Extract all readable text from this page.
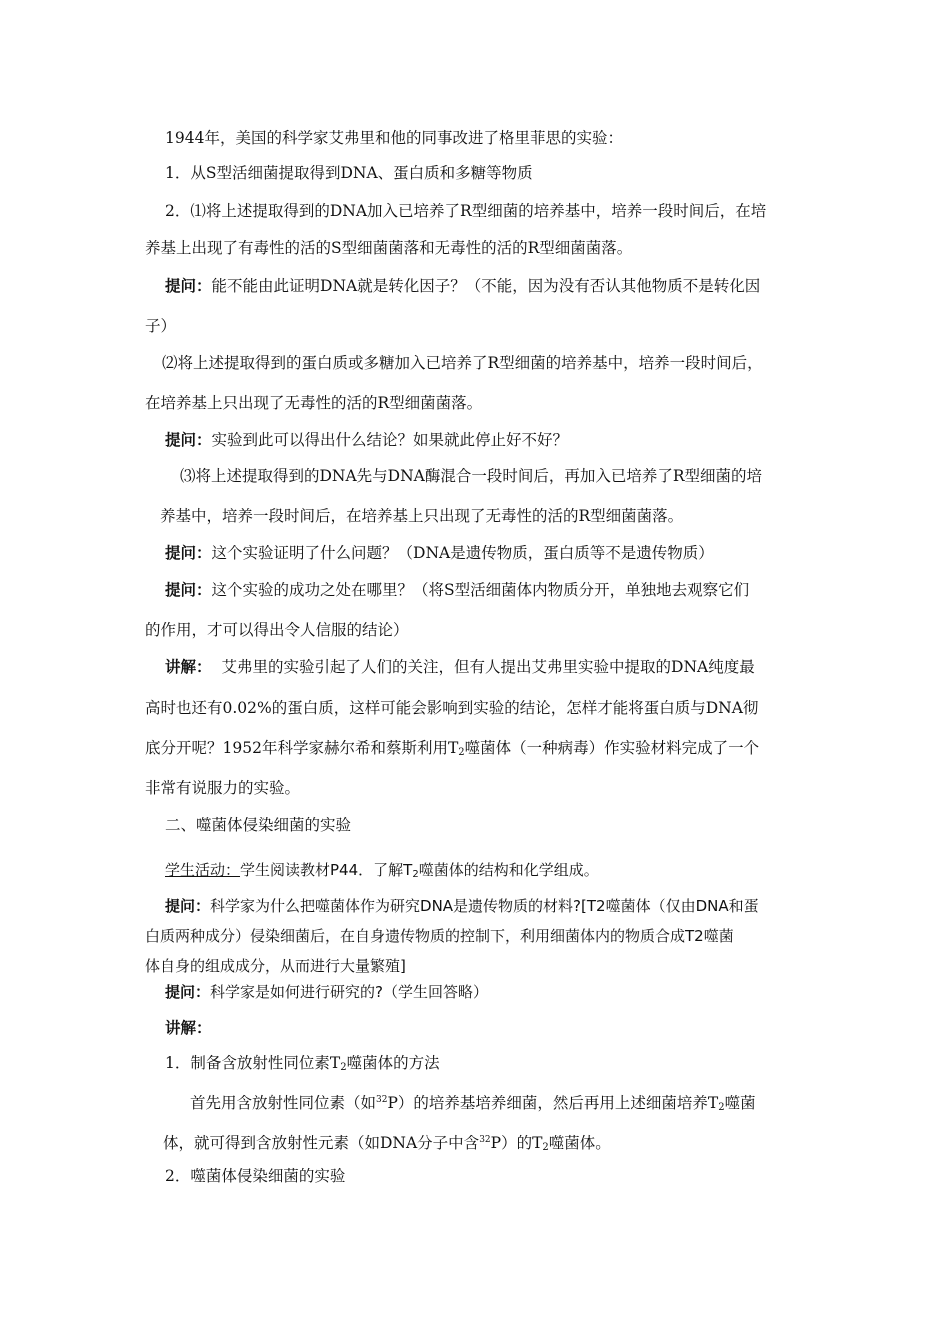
1944年，美国的科学家艾弗里和他的同事改进了格里菲思的实验：
1．从S型活细菌提取得到DNA、蛋白质和多糖等物质
2．⑴将上述提取得到的DNA加入已培养了R型细菌的培养基中，培养一段时间后，在培
养基上出现了有毒性的活的S型细菌菌落和无毒性的活的R型细菌菌落。
提问：能不能由此证明DNA就是转化因子？（不能，因为没有否认其他物质不是转化因
子）
⑵将上述提取得到的蛋白质或多糖加入已培养了R型细菌的培养基中，培养一段时间后，
在培养基上只出现了无毒性的活的R型细菌菌落。
提问：实验到此可以得出什么结论？如果就此停止好不好？
⑶将上述提取得到的DNA先与DNA酶混合一段时间后，再加入已培养了R型细菌的培
养基中，培养一段时间后，在培养基上只出现了无毒性的活的R型细菌菌落。
提问：这个实验证明了什么问题？（DNA是遗传物质，蛋白质等不是遗传物质）
提问：这个实验的成功之处在哪里？（将S型活细菌体内物质分开，单独地去观察它们
的作用，才可以得出令人信服的结论）
讲解： 艾弗里的实验引起了人们的关注，但有人提出艾弗里实验中提取的DNA纯度最
高时也还有0.02%的蛋白质，这样可能会影响到实验的结论，怎样才能将蛋白质与DNA彻
底分开呢？1952年科学家赫尔希和蔡斯利用$T_2$噬菌体（一种病毒）作实验材料完成了一个
非常有说服力的实验。
二、噬菌体侵染细菌的实验
学生活动：学生阅读教材P44．了解$T_2$噬菌体的结构和化学组成。
提问：科学家为什么把噬菌体作为研究DNA是遗传物质的材料?[T2噬菌体（仅由DNA和蛋
白质两种成分）侵染细菌后，在自身遗传物质的控制下，利用细菌体内的物质合成T2噬菌
体自身的组成成分，从而进行大量繁殖]
提问：科学家是如何进行研究的?（学生回答略）
讲解：
1．制备含放射性同位素$T_2$噬菌体的方法
首先用含放射性同位素（如$^{32}$P）的培养基培养细菌，然后再用上述细菌培养$T_2$噬菌
体，就可得到含放射性元素（如DNA分子中含$^{32}$P）的$T_2$噬菌体。
2．噬菌体侵染细菌的实验
